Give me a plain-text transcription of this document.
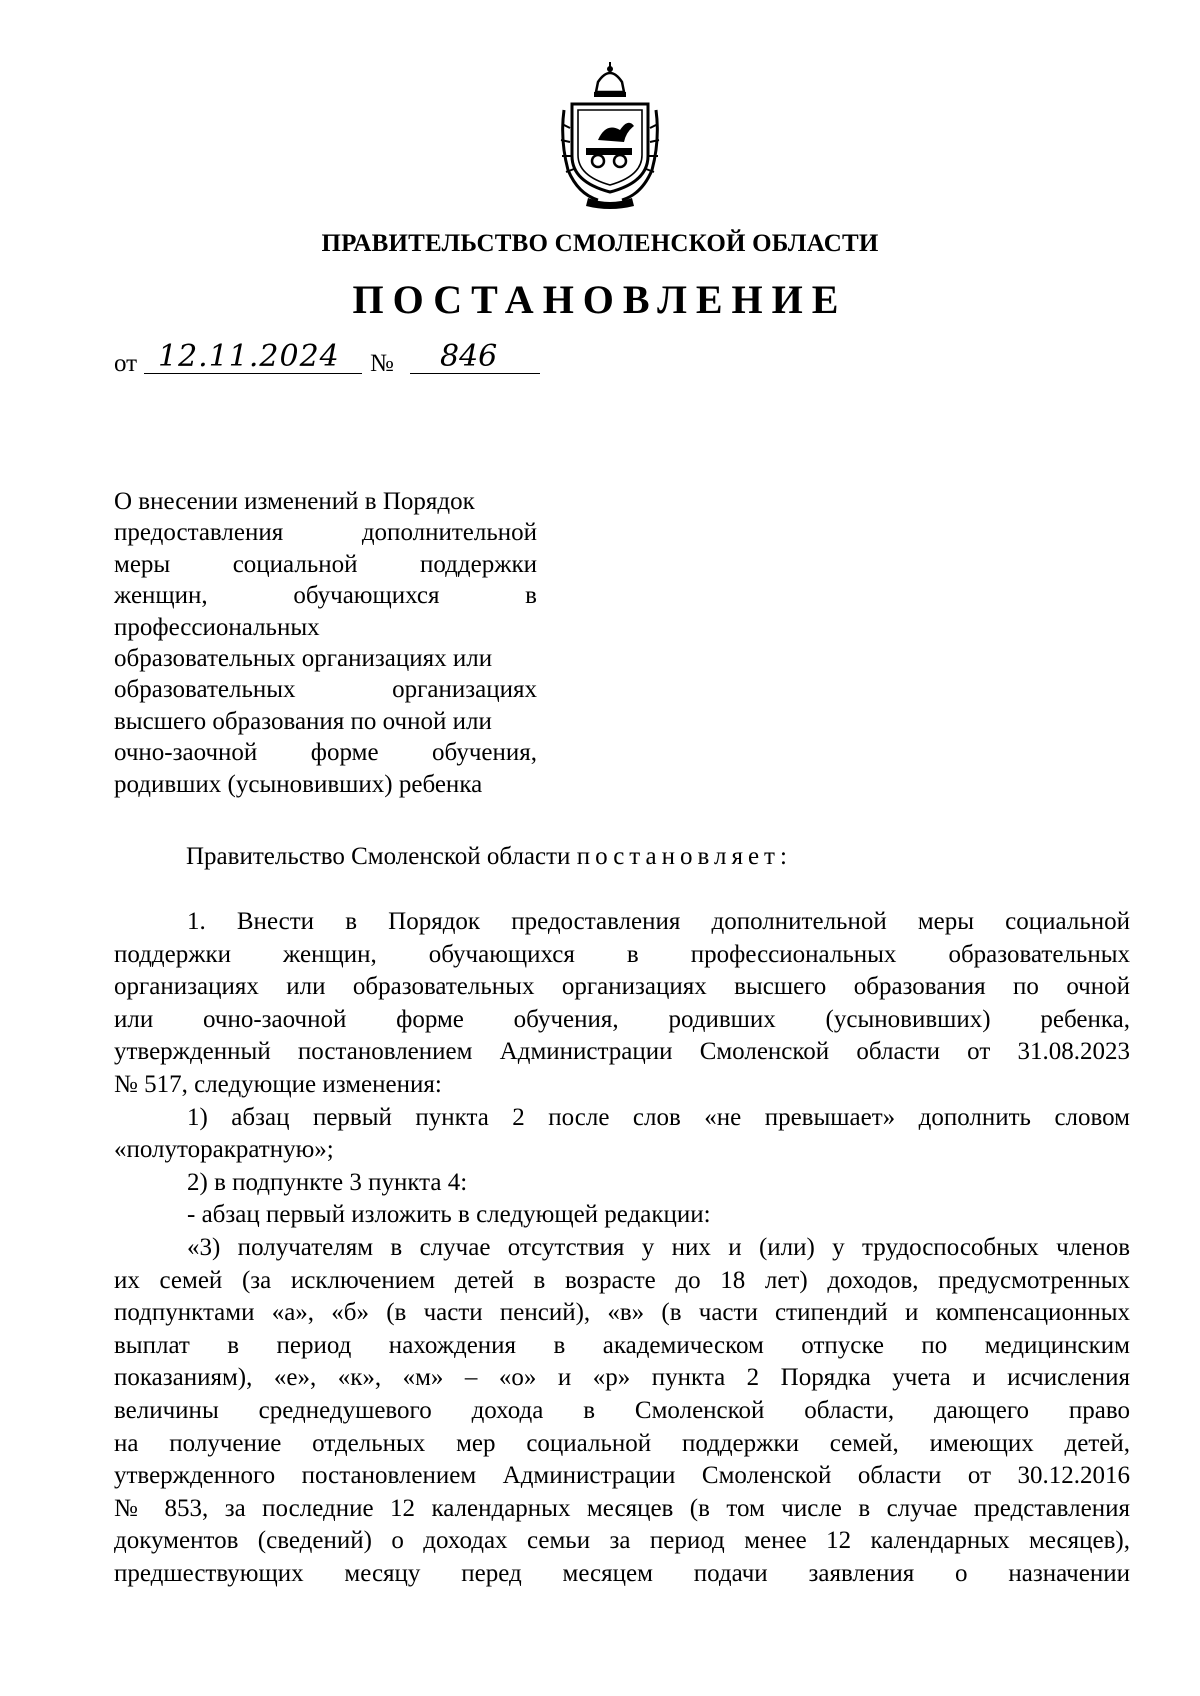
ПРАВИТЕЛЬСТВО СМОЛЕНСКОЙ ОБЛАСТИ
ПОСТАНОВЛЕНИЕ
от 12.11.2024	№	846
О внесении изменений в Порядок
предоставления дополнительной
меры социальной поддержки
женщин, обучающихся в
профессиональных
образовательных организациях или
образовательных организациях
высшего образования по очной или
очно-заочной форме обучения,
родивших (усыновивших) ребенка
Правительство Смоленской области постановляет:
1. Внести в Порядок предоставления дополнительной меры социальной
поддержки женщин, обучающихся в профессиональных образовательных
организациях или образовательных организациях высшего образования по очной
или очно-заочной форме обучения, родивших (усыновивших) ребенка,
утвержденный постановлением Администрации Смоленской области от 31.08.2023
№ 517, следующие изменения:
1) абзац первый пункта 2 после слов «не превышает» дополнить словом
«полуторакратную»;
2) в подпункте 3 пункта 4:
- абзац первый изложить в следующей редакции:
«3) получателям в случае отсутствия у них и (или) у трудоспособных членов
их семей (за исключением детей в возрасте до 18 лет) доходов, предусмотренных
подпунктами «а», «б» (в части пенсий), «в» (в части стипендий и компенсационных
выплат в период нахождения в академическом отпуске по медицинским
показаниям), «е», «к», «м» – «о» и «р» пункта 2 Порядка учета и исчисления
величины среднедушевого дохода в Смоленской области, дающего право
на получение отдельных мер социальной поддержки семей, имеющих детей,
утвержденного постановлением Администрации Смоленской области от 30.12.2016
№ 853, за последние 12 календарных месяцев (в том числе в случае представления
документов (сведений) о доходах семьи за период менее 12 календарных месяцев),
предшествующих месяцу перед месяцем подачи заявления о назначении
